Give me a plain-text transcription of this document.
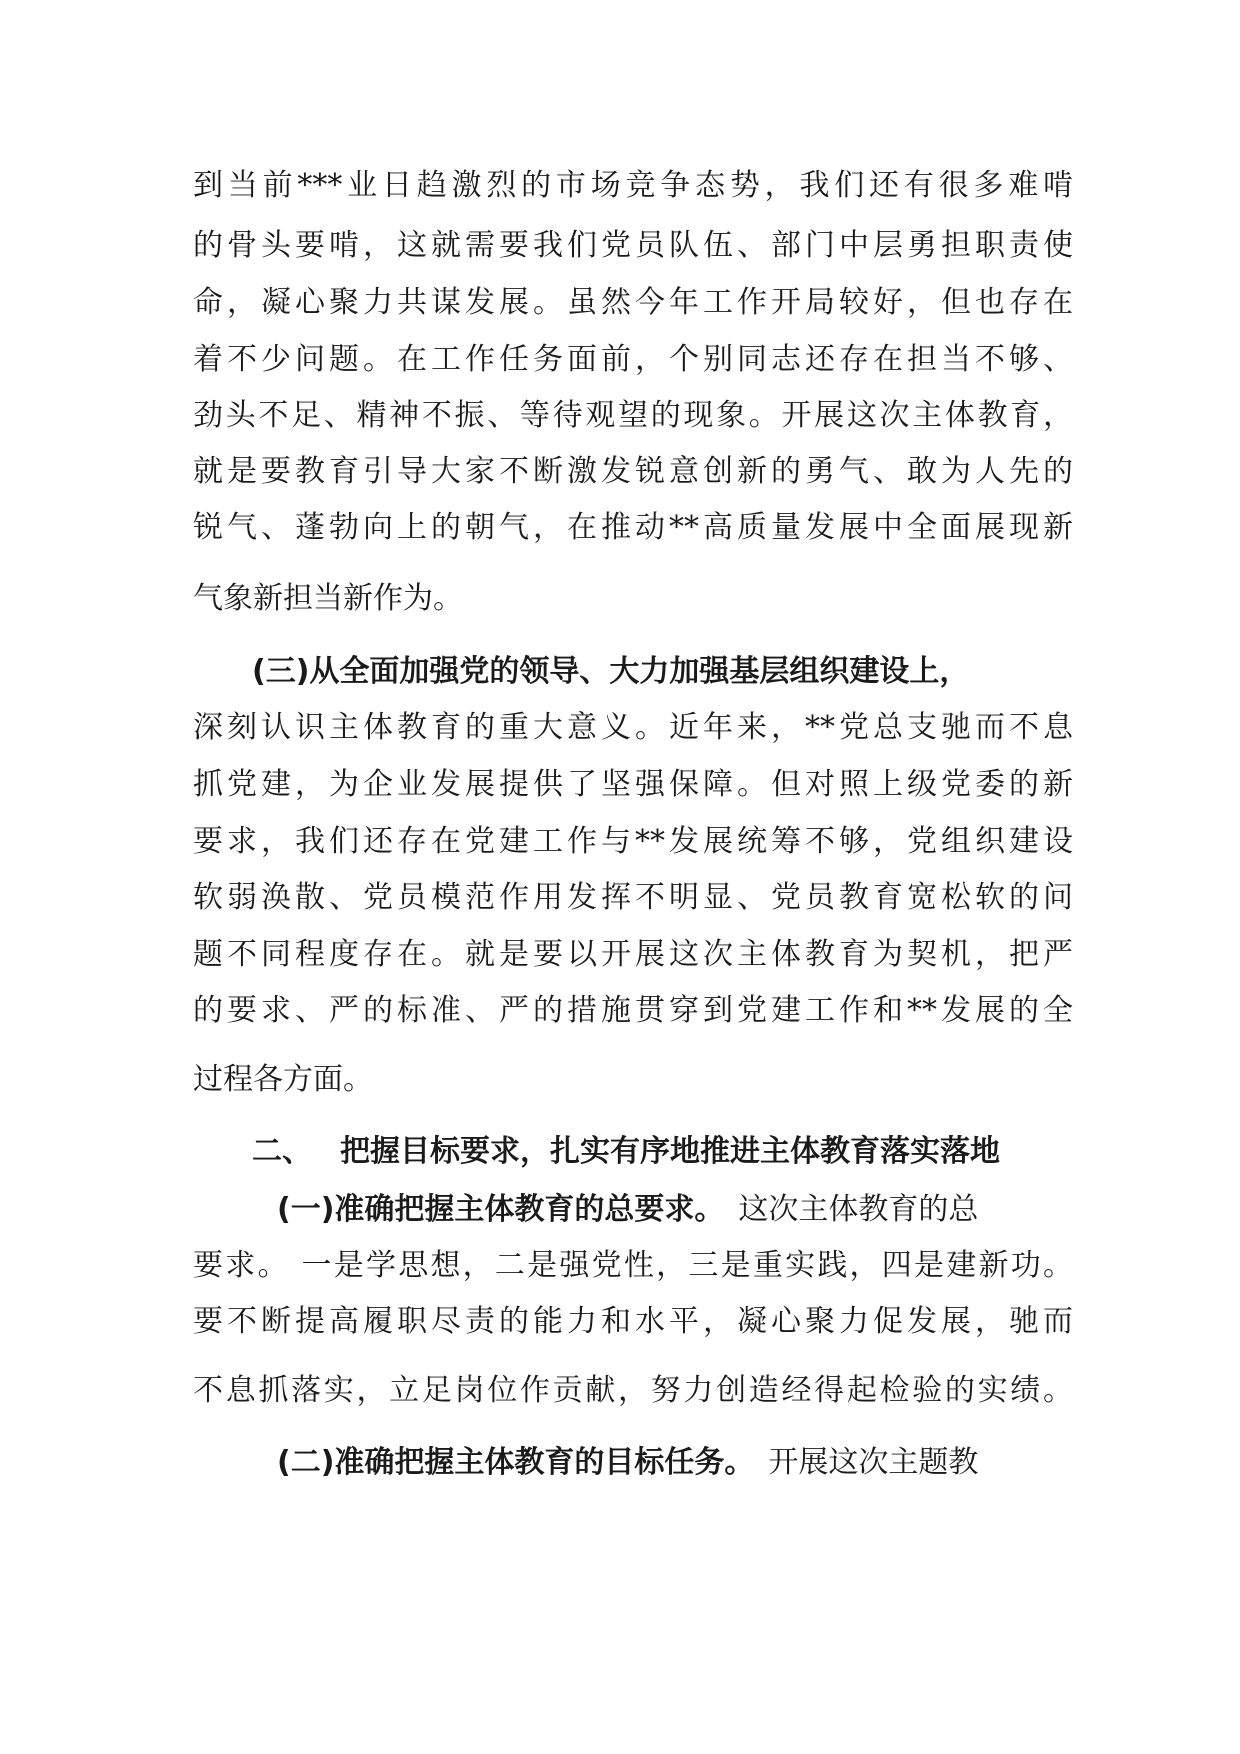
到当前***业日趋激烈的市场竞争态势，我们还有很多难啃
的骨头要啃，这就需要我们党员队伍、部门中层勇担职责使
命，凝心聚力共谋发展。虽然今年工作开局较好，但也存在
着不少问题。在工作任务面前，个别同志还存在担当不够、
劲头不足、精神不振、等待观望的现象。开展这次主体教育，
就是要教育引导大家不断激发锐意创新的勇气、敢为人先的
锐气、蓬勃向上的朝气，在推动**高质量发展中全面展现新
气象新担当新作为。
(三)从全面加强党的领导、大力加强基层组织建设上，
深刻认识主体教育的重大意义。近年来，**党总支驰而不息
抓党建，为企业发展提供了坚强保障。但对照上级党委的新
要求，我们还存在党建工作与**发展统筹不够，党组织建设
软弱涣散、党员模范作用发挥不明显、党员教育宽松软的问
题不同程度存在。就是要以开展这次主体教育为契机，把严
的要求、严的标准、严的措施贯穿到党建工作和**发展的全
过程各方面。
二、 把握目标要求，扎实有序地推进主体教育落实落地
(一)准确把握主体教育的总要求。 这次主体教育的总
要求。 一是学思想，二是强党性，三是重实践，四是建新功。
要不断提高履职尽责的能力和水平，凝心聚力促发展，驰而
不息抓落实，立足岗位作贡献，努力创造经得起检验的实绩。
(二)准确把握主体教育的目标任务。 开展这次主题教
